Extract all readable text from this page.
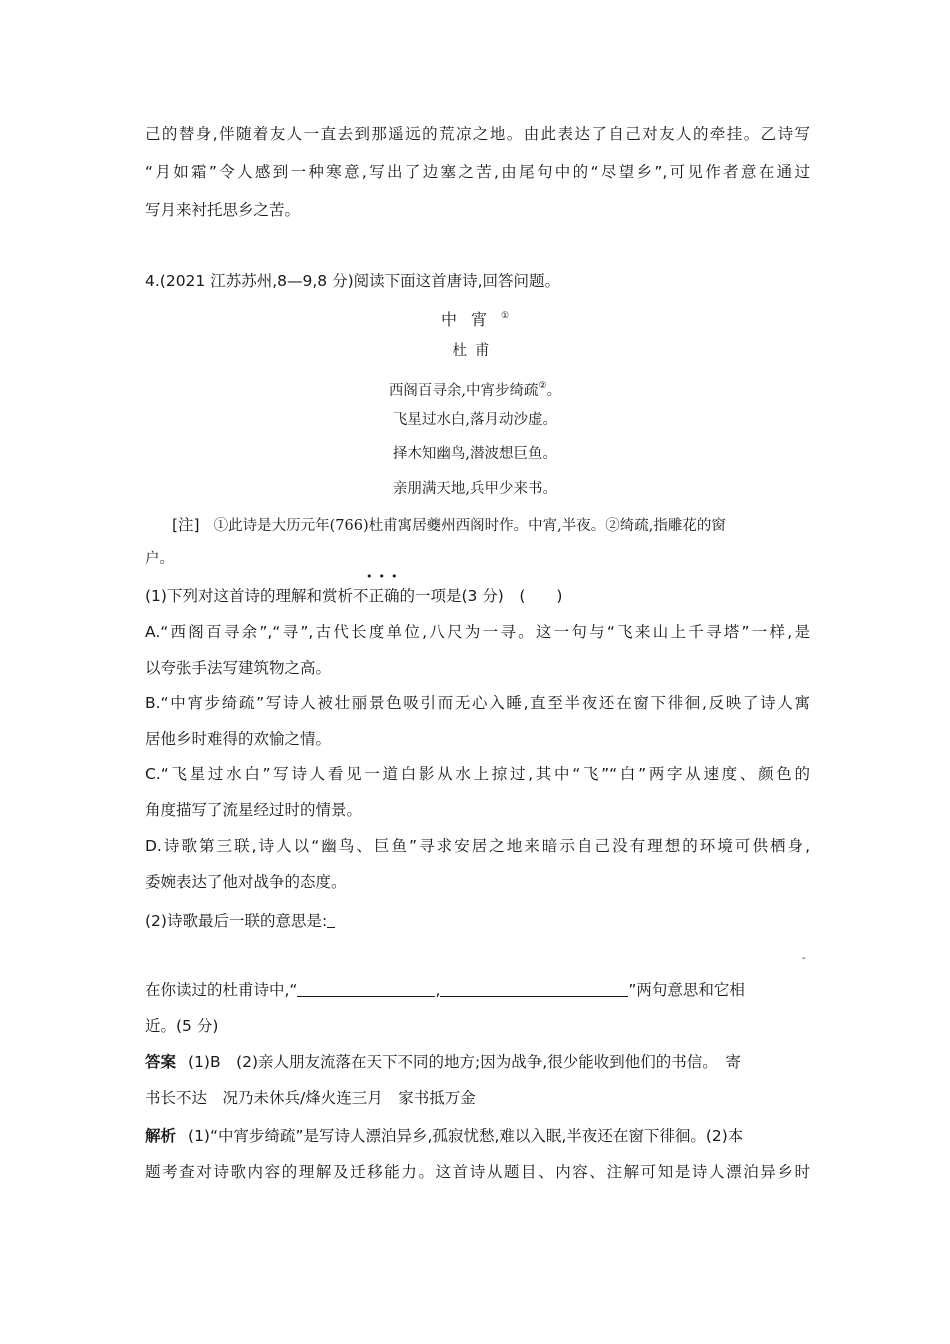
己的替身,伴随着友人一直去到那遥远的荒凉之地。由此表达了自己对友人的牵挂。乙诗写
“月如霜”令人感到一种寒意,写出了边塞之苦,由尾句中的“尽望乡”,可见作者意在通过
写月来衬托思乡之苦。
4.(2021 江苏苏州,8—9,8 分)阅读下面这首唐诗,回答问题。
中宵①
杜甫
西阁百寻余,中宵步绮疏②。
飞星过水白,落月动沙虚。
择木知幽鸟,潜波想巨鱼。
亲朋满天地,兵甲少来书。
[注] ①此诗是大历元年(766)杜甫寓居夔州西阁时作。中宵,半夜。②绮疏,指雕花的窗
户。
•••
(1)下列对这首诗的理解和赏析不正确的一项是(3 分)　(　　)
A.“西阁百寻余”,“寻”,古代长度单位,八尺为一寻。这一句与“飞来山上千寻塔”一样,是
以夸张手法写建筑物之高。
B.“中宵步绮疏”写诗人被壮丽景色吸引而无心入睡,直至半夜还在窗下徘徊,反映了诗人寓
居他乡时难得的欢愉之情。
C.“飞星过水白”写诗人看见一道白影从水上掠过,其中“飞”“白”两字从速度、颜色的
角度描写了流星经过时的情景。
D.诗歌第三联,诗人以“幽鸟、巨鱼”寻求安居之地来暗示自己没有理想的环境可供栖身,
委婉表达了他对战争的态度。
(2)诗歌最后一联的意思是:
-
在你读过的杜甫诗中,“	,	”两句意思和它相
近。(5 分)
答案 (1)B　(2)亲人朋友流落在天下不同的地方;因为战争,很少能收到他们的书信。　寄
书长不达　况乃未休兵/烽火连三月　家书抵万金
解析 (1)“中宵步绮疏”是写诗人漂泊异乡,孤寂忧愁,难以入眠,半夜还在窗下徘徊。(2)本
题考查对诗歌内容的理解及迁移能力。这首诗从题目、内容、注解可知是诗人漂泊异乡时
